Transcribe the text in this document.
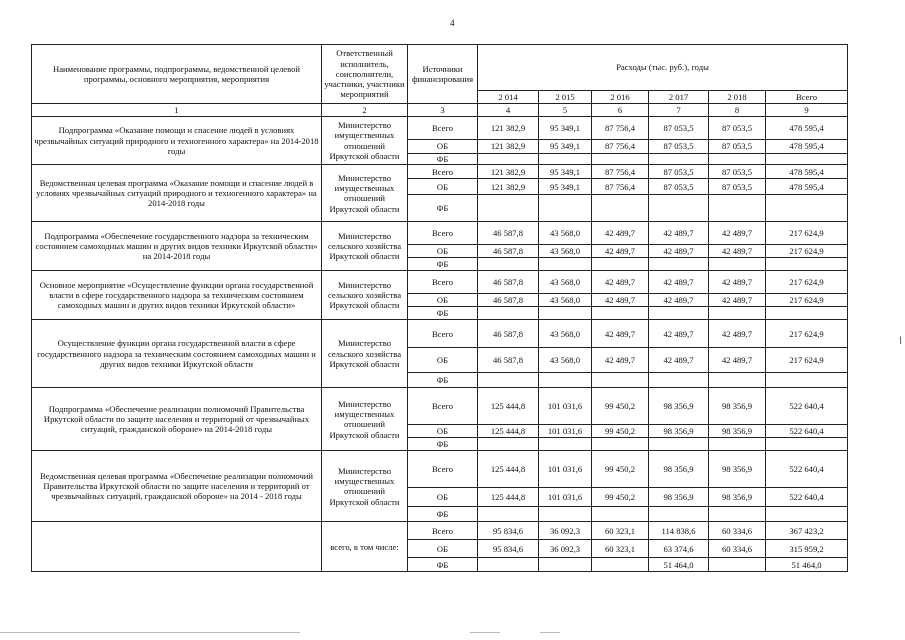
4
Наименование программы, подпрограммы, ведомственной целевой программы, основного мероприятия, мероприятия	Ответственный исполнитель, соисполнители, участники, участники мероприятий	Источники финансирования	Расходы (тыс. руб.), годы					
			2 014	2 015	2 016	2 017	2 018	Всего
1	2	3	4	5	6	7	8	9
Подпрограмма «Оказание помощи и спасение людей в условиях чрезвычайных ситуаций природного и техногенного характера» на 2014-2018 годы	Министерство имущественных отношений Иркутской области	Всего	121 382,9	95 349,1	87 756,4	87 053,5	87 053,5	478 595,4
		ОБ	121 382,9	95 349,1	87 756,4	87 053,5	87 053,5	478 595,4
		ФБ						
Ведомственная целевая программа «Оказание помощи и спасение людей в условиях чрезвычайных ситуаций природного и техногенного характера» на 2014-2018 годы	Министерство имущественных отношений Иркутской области	Всего	121 382,9	95 349,1	87 756,4	87 053,5	87 053,5	478 595,4
		ОБ	121 382,9	95 349,1	87 756,4	87 053,5	87 053,5	478 595,4
		ФБ						
Подпрограмма «Обеспечение государственного надзора за техническим состоянием самоходных машин и других видов техники Иркутской области» на 2014-2018 годы	Министерство сельского хозяйства Иркутской области	Всего	46 587,8	43 568,0	42 489,7	42 489,7	42 489,7	217 624,9
		ОБ	46 587,8	43 568,0	42 489,7	42 489,7	42 489,7	217 624,9
		ФБ						
Основное мероприятие «Осуществление функции органа государственной власти в сфере государственного надзора за техническим состоянием самоходных машин и других видов техники Иркутской области»	Министерство сельского хозяйства Иркутской области	Всего	46 587,8	43 568,0	42 489,7	42 489,7	42 489,7	217 624,9
		ОБ	46 587,8	43 568,0	42 489,7	42 489,7	42 489,7	217 624,9
		ФБ						
Осуществление функции органа государственной власти в сфере государственного надзора за техническим состоянием самоходных машин и других видов техники Иркутской области	Министерство сельского хозяйства Иркутской области	Всего	46 587,8	43 568,0	42 489,7	42 489,7	42 489,7	217 624,9
		ОБ	46 587,8	43 568,0	42 489,7	42 489,7	42 489,7	217 624,9
		ФБ						
Подпрограмма «Обеспечение реализации полномочий Правительства Иркутской области по защите населения и территорий от чрезвычайных ситуаций, гражданской обороне» на 2014-2018 годы	Министерство имущественных отношений Иркутской области	Всего	125 444,8	101 031,6	99 450,2	98 356,9	98 356,9	522 640,4
		ОБ	125 444,8	101 031,6	99 450,2	98 356,9	98 356,9	522 640,4
		ФБ						
Ведомственная целевая программа «Обеспечение реализации полномочий Правительства Иркутской области по защите населения и территорий от чрезвычайных ситуаций, гражданской обороне» на 2014 - 2018 годы	Министерство имущественных отношений Иркутской области	Всего	125 444,8	101 031,6	99 450,2	98 356,9	98 356,9	522 640,4
		ОБ	125 444,8	101 031,6	99 450,2	98 356,9	98 356,9	522 640,4
		ФБ						
	всего, в том числе:	Всего	95 834,6	36 092,3	60 323,1	114 838,6	60 334,6	367 423,2
		ОБ	95 834,6	36 092,3	60 323,1	63 374,6	60 334,6	315 959,2
		ФБ				51 464,0		51 464,0
ⅼ
